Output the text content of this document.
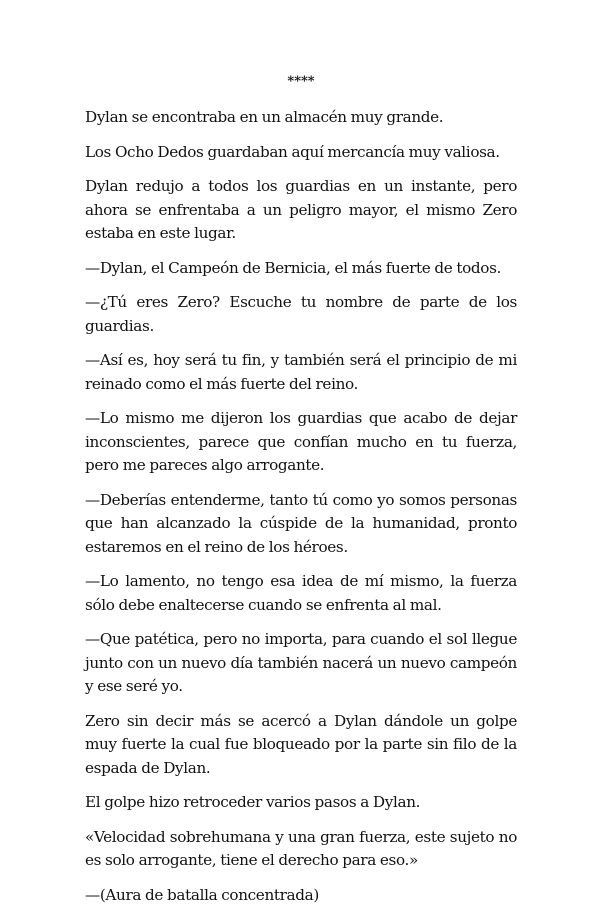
****

Dylan se encontraba en un almacén muy grande.

Los Ocho Dedos guardaban aquí mercancía muy valiosa.

Dylan redujo a todos los guardias en un instante, pero ahora se enfrentaba a un peligro mayor, el mismo Zero estaba en este lugar.

—Dylan, el Campeón de Bernicia, el más fuerte de todos.

—¿Tú eres Zero? Escuche tu nombre de parte de los guardias.

—Así es, hoy será tu fin, y también será el principio de mi reinado como el más fuerte del reino.

—Lo mismo me dijeron los guardias que acabo de dejar inconscientes, parece que confían mucho en tu fuerza, pero me pareces algo arrogante.

—Deberías entenderme, tanto tú como yo somos personas que han alcanzado la cúspide de la humanidad, pronto estaremos en el reino de los héroes.

—Lo lamento, no tengo esa idea de mí mismo, la fuerza sólo debe enaltecerse cuando se enfrenta al mal.

—Que patética, pero no importa, para cuando el sol llegue junto con un nuevo día también nacerá un nuevo campeón y ese seré yo.

Zero sin decir más se acercó a Dylan dándole un golpe muy fuerte la cual fue bloqueado por la parte sin filo de la espada de Dylan.

El golpe hizo retroceder varios pasos a Dylan.

«Velocidad sobrehumana y una gran fuerza, este sujeto no es solo arrogante, tiene el derecho para eso.»

—(Aura de batalla concentrada)
